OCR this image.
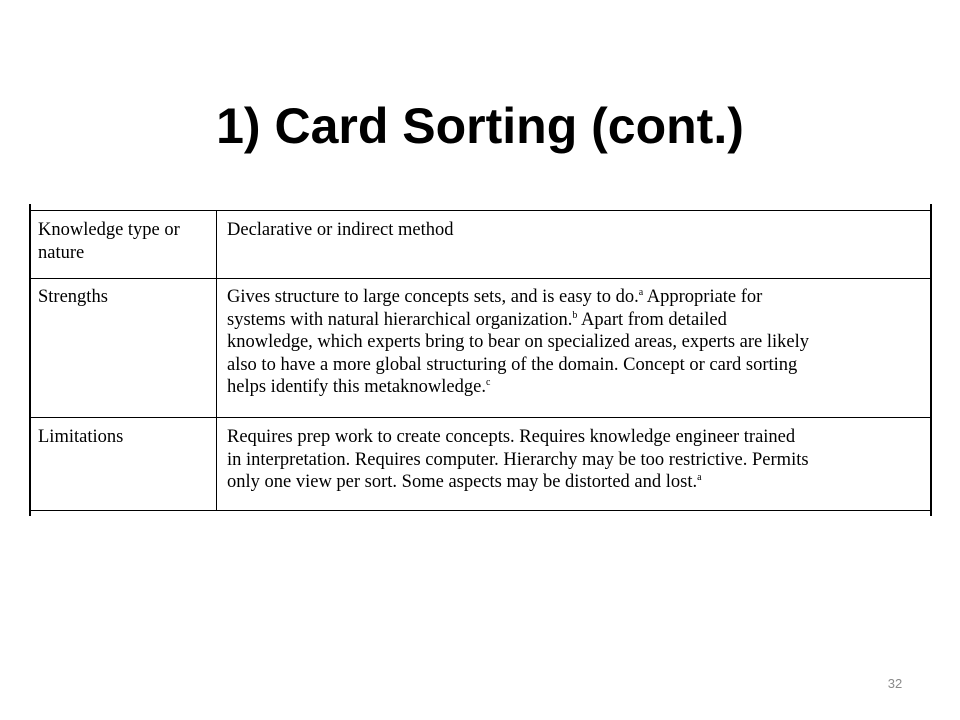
1) Card Sorting (cont.)
Knowledge type or
nature
Declarative or indirect method
Strengths	Gives structure to large concepts sets, and is easy to do.$^a$ Appropriate for
systems with natural hierarchical organization.$^b$ Apart from detailed
knowledge, which experts bring to bear on specialized areas, experts are likely
also to have a more global structuring of the domain. Concept or card sorting
helps identify this metaknowledge.$^c$
Limitations	Requires prep work to create concepts. Requires knowledge engineer trained
in interpretation. Requires computer. Hierarchy may be too restrictive. Permits
only one view per sort. Some aspects may be distorted and lost.$^a$
32
